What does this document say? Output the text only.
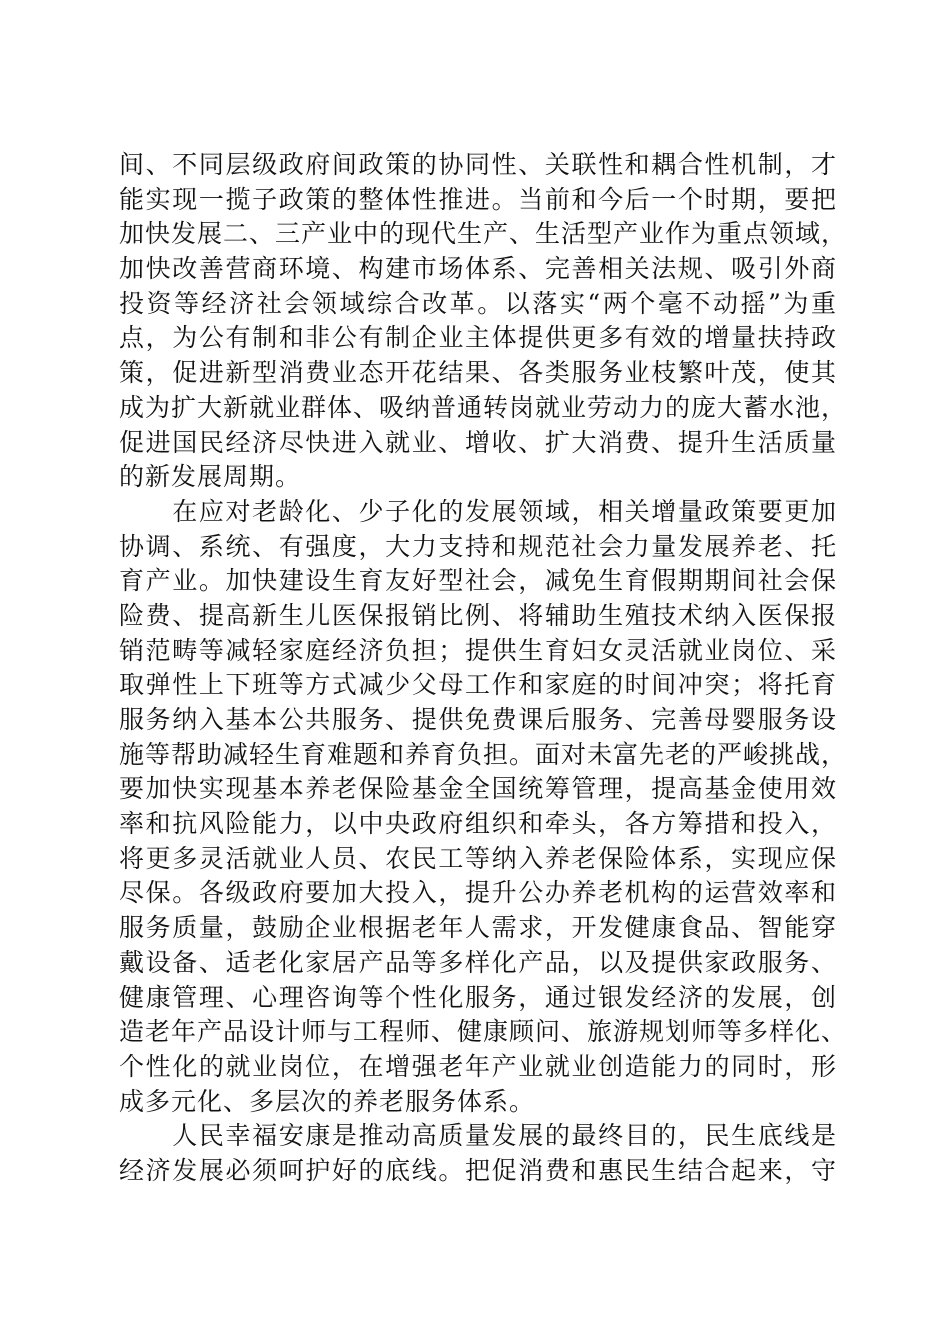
间、不同层级政府间政策的协同性、关联性和耦合性机制，才
能实现一揽子政策的整体性推进。当前和今后一个时期，要把
加快发展二、三产业中的现代生产、生活型产业作为重点领域，
加快改善营商环境、构建市场体系、完善相关法规、吸引外商
投资等经济社会领域综合改革。以落实“两个毫不动摇”为重
点，为公有制和非公有制企业主体提供更多有效的增量扶持政
策，促进新型消费业态开花结果、各类服务业枝繁叶茂，使其
成为扩大新就业群体、吸纳普通转岗就业劳动力的庞大蓄水池，
促进国民经济尽快进入就业、增收、扩大消费、提升生活质量
的新发展周期。
　　在应对老龄化、少子化的发展领域，相关增量政策要更加
协调、系统、有强度，大力支持和规范社会力量发展养老、托
育产业。加快建设生育友好型社会，减免生育假期期间社会保
险费、提高新生儿医保报销比例、将辅助生殖技术纳入医保报
销范畴等减轻家庭经济负担；提供生育妇女灵活就业岗位、采
取弹性上下班等方式减少父母工作和家庭的时间冲突；将托育
服务纳入基本公共服务、提供免费课后服务、完善母婴服务设
施等帮助减轻生育难题和养育负担。面对未富先老的严峻挑战，
要加快实现基本养老保险基金全国统筹管理，提高基金使用效
率和抗风险能力，以中央政府组织和牵头，各方筹措和投入，
将更多灵活就业人员、农民工等纳入养老保险体系，实现应保
尽保。各级政府要加大投入，提升公办养老机构的运营效率和
服务质量，鼓励企业根据老年人需求，开发健康食品、智能穿
戴设备、适老化家居产品等多样化产品，以及提供家政服务、
健康管理、心理咨询等个性化服务，通过银发经济的发展，创
造老年产品设计师与工程师、健康顾问、旅游规划师等多样化、
个性化的就业岗位，在增强老年产业就业创造能力的同时，形
成多元化、多层次的养老服务体系。
　　人民幸福安康是推动高质量发展的最终目的，民生底线是
经济发展必须呵护好的底线。把促消费和惠民生结合起来，守
